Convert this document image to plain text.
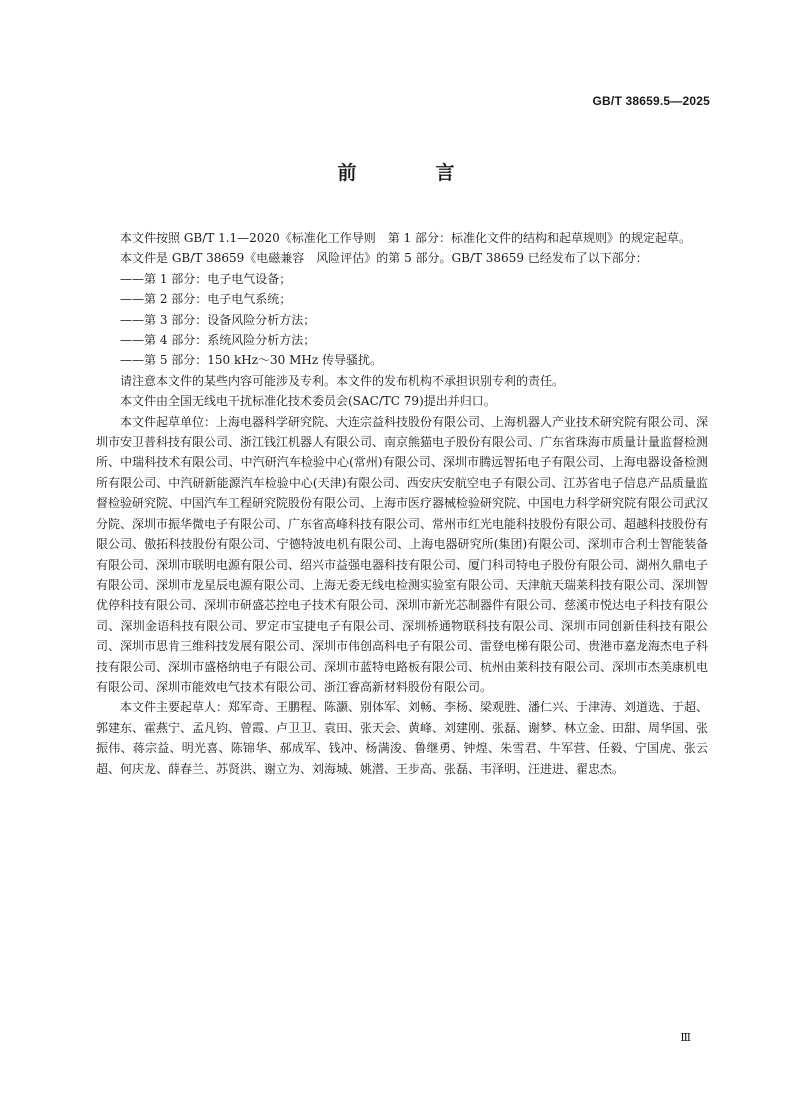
GB/T 38659.5—2025
前　言

本文件按照 GB/T 1.1—2020《标准化工作导则　第 1 部分：标准化文件的结构和起草规则》的规定起草。

本文件是 GB/T 38659《电磁兼容　风险评估》的第 5 部分。GB/T 38659 已经发布了以下部分：

——第 1 部分：电子电气设备；

——第 2 部分：电子电气系统；

——第 3 部分：设备风险分析方法；

——第 4 部分：系统风险分析方法；

——第 5 部分：150 kHz～30 MHz 传导骚扰。

请注意本文件的某些内容可能涉及专利。本文件的发布机构不承担识别专利的责任。

本文件由全国无线电干扰标准化技术委员会(SAC/TC 79)提出并归口。

本文件起草单位：上海电器科学研究院、大连宗益科技股份有限公司、上海机器人产业技术研究院有限公司、深圳市安卫普科技有限公司、浙江钱江机器人有限公司、南京熊猫电子股份有限公司、广东省珠海市质量计量监督检测所、中瑞科技术有限公司、中汽研汽车检验中心(常州)有限公司、深圳市腾远智拓电子有限公司、上海电器设备检测所有限公司、中汽研新能源汽车检验中心(天津)有限公司、西安庆安航空电子有限公司、江苏省电子信息产品质量监督检验研究院、中国汽车工程研究院股份有限公司、上海市医疗器械检验研究院、中国电力科学研究院有限公司武汉分院、深圳市振华微电子有限公司、广东省高峰科技有限公司、常州市红光电能科技股份有限公司、超越科技股份有限公司、傲拓科技股份有限公司、宁德特波电机有限公司、上海电器研究所(集团)有限公司、深圳市合利士智能装备有限公司、深圳市联明电源有限公司、绍兴市益强电器科技有限公司、厦门科司特电子股份有限公司、湖州久鼎电子有限公司、深圳市龙星辰电源有限公司、上海无委无线电检测实验室有限公司、天津航天瑞莱科技有限公司、深圳智优停科技有限公司、深圳市研盛芯控电子技术有限公司、深圳市新光芯制器件有限公司、慈溪市悦达电子科技有限公司、深圳金语科技有限公司、罗定市宝捷电子有限公司、深圳桥通物联科技有限公司、深圳市同创新佳科技有限公司、深圳市思肯三维科技发展有限公司、深圳市伟创高科电子有限公司、雷登电梯有限公司、贵港市嘉龙海杰电子科技有限公司、深圳市盛格纳电子有限公司、深圳市蓝特电路板有限公司、杭州由莱科技有限公司、深圳市杰美康机电有限公司、深圳市能效电气技术有限公司、浙江睿高新材料股份有限公司。

本文件主要起草人：郑军奇、王鹏程、陈灏、别体军、刘畅、李杨、梁观胜、潘仁兴、于津涛、刘道选、于超、郭建东、霍燕宁、孟凡钧、曾霞、卢卫卫、袁田、张天会、黄峰、刘建刚、张磊、谢梦、林立金、田甜、周华国、张振伟、蒋宗益、明光喜、陈锦华、郝成军、钱冲、杨满浚、鲁继勇、钟煌、朱雪君、牛军营、任毅、宁国虎、张云超、何庆龙、薛春兰、苏贤洪、谢立为、刘海城、姚潜、王步高、张磊、韦泽明、汪进进、翟忠杰。

Ⅲ
